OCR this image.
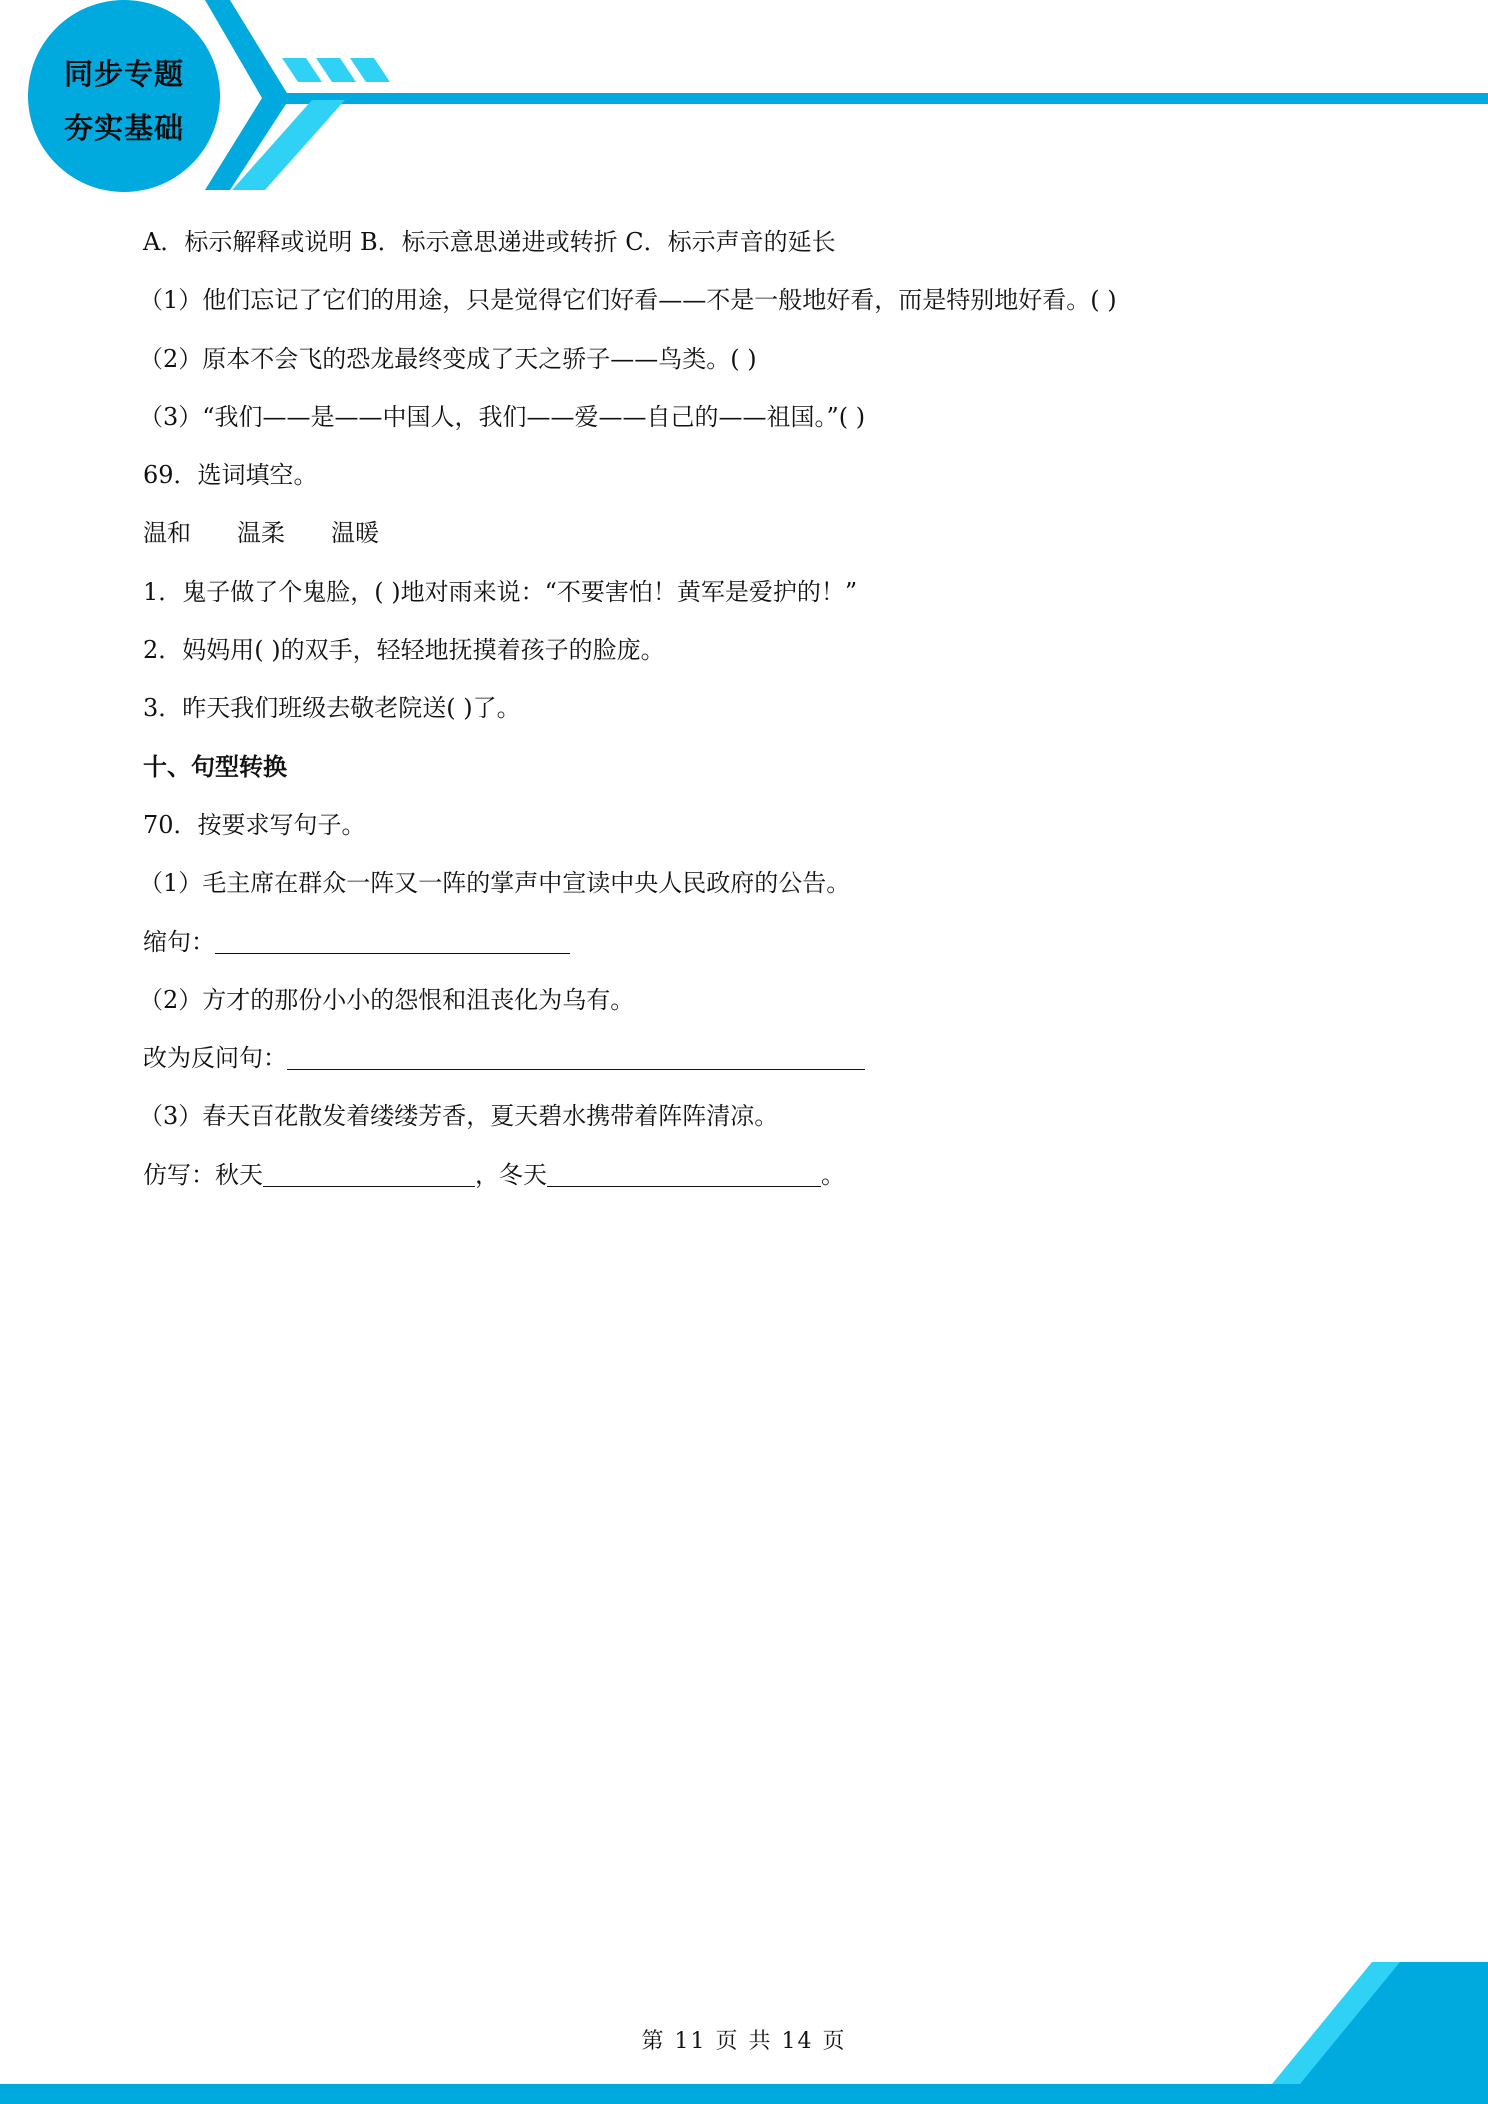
同步专题
夯实基础
A．标示解释或说明 B．标示意思递进或转折 C．标示声音的延长
（1）他们忘记了它们的用途，只是觉得它们好看——不是一般地好看，而是特别地好看。( )
（2）原本不会飞的恐龙最终变成了天之骄子——鸟类。( )
（3）“我们——是——中国人，我们——爱——自己的——祖国。”( )
69．选词填空。
温和 温柔 温暖
1．鬼子做了个鬼脸，( )地对雨来说：“不要害怕！黄军是爱护的！”
2．妈妈用( )的双手，轻轻地抚摸着孩子的脸庞。
3．昨天我们班级去敬老院送( )了。
十、句型转换
70．按要求写句子。
（1）毛主席在群众一阵又一阵的掌声中宣读中央人民政府的公告。
缩句：
（2）方才的那份小小的怨恨和沮丧化为乌有。
改为反问句：
（3）春天百花散发着缕缕芳香，夏天碧水携带着阵阵清凉。
仿写：秋天	，冬天	。
第 11 页 共 14 页
